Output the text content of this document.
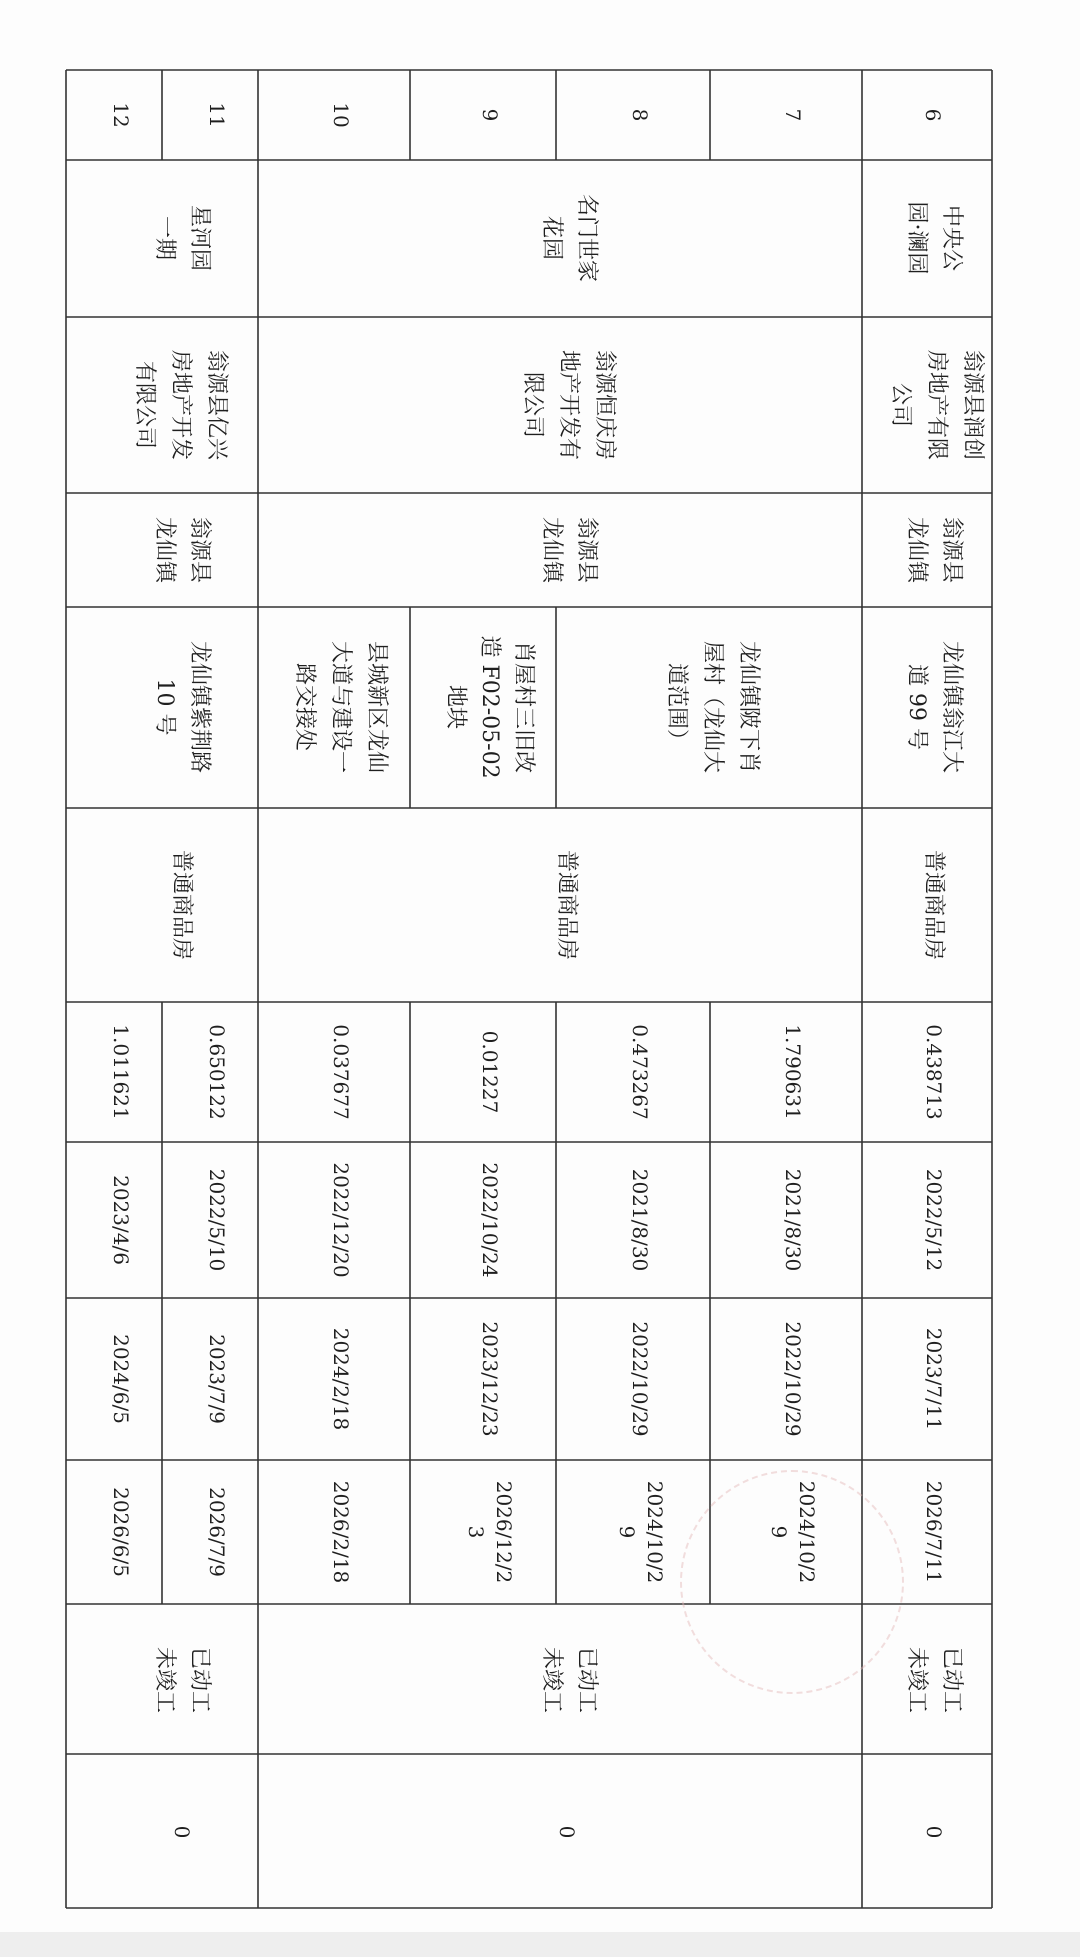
6
7
8
9
10
11
12
中央公
园·澜园
名门世家
花园
星河园
一期
翁源县润创
房地产有限
公司
翁源恒庆房
地产开发有
限公司
翁源县亿兴
房地产开发
有限公司
翁源县
龙仙镇
翁源县
龙仙镇
翁源县
龙仙镇
龙仙镇翁江大
道 99 号
龙仙镇陂下肖
屋村（龙仙大
道范围）
肖屋村三旧改
造 F02-05-02
地块
县城新区龙仙
大道与建设一
路交接处
龙仙镇紫荆路
10 号
普通商品房
普通商品房
普通商品房
0.438713
1.790631
0.473267
0.01227
0.037677
0.650122
1.011621
2022/5/12
2021/8/30
2021/8/30
2022/10/24
2022/12/20
2022/5/10
2023/4/6
2023/7/11
2022/10/29
2022/10/29
2023/12/23
2024/2/18
2023/7/9
2024/6/5
2026/7/11
2024/10/2
9
2024/10/2
9
2026/12/2
3
2026/2/18
2026/7/9
2026/6/5
已动工
未竣工
已动工
未竣工
已动工
未竣工
0
0
0
